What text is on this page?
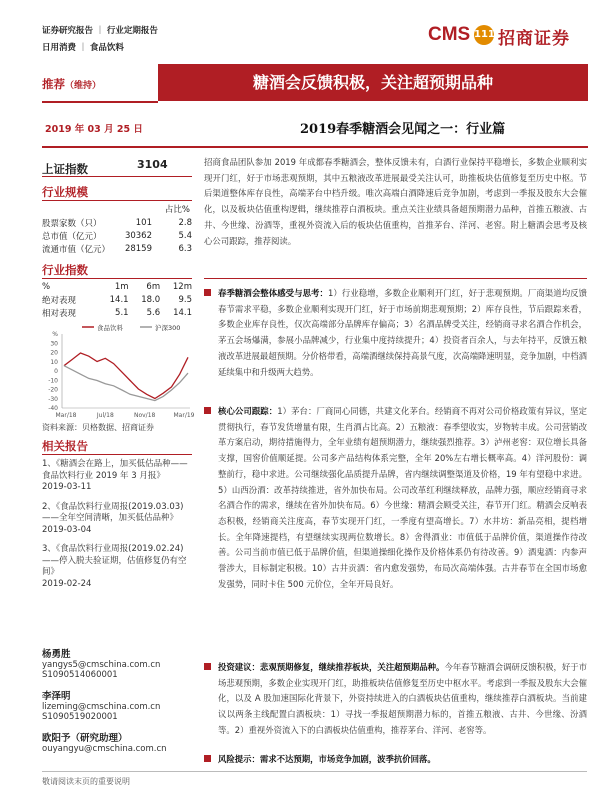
证券研究报告 ｜ 行业定期报告
日用消费 ｜ 食品饮料
CMS 111 招商证券
推荐（维持）	糖酒会反馈积极，关注超预期品种
2019 年 03 月 25 日	2019春季糖酒会见闻之一：行业篇
上证指数	3104
行业规模
占比%
股票家数（只）	101	2.8
总市值（亿元）	30362	5.4
流通市值（亿元）	28159	6.3
行业指数
%	1m	6m	12m
绝对表现	14.1	18.0	9.5
相对表现	5.1	5.6	14.1
%
30
20
10
0
-10
-20
-30
-40
Mar/18	Jul/18	Nov/18	Mar/19
食品饮料	沪深300
资料来源：贝格数据、招商证券
相关报告
1、《糖酒会在路上，加买低估品种——食品饮料行业 2019 年 3 月报》
2019-03-11
2、《食品饮料行业周报(2019.03.03)——全年空间清晰，加买低估品种》
2019-03-04
3、《食品饮料行业周报(2019.02.24)——停入脱夫验证期，估值修复仍有空间》
2019-02-24
杨勇胜
yangys5@cmschina.com.cn
S1090514060001
李泽明
lizeming@cmschina.com.cn
S1090519020001
欧阳予（研究助理）
ouyangyu@cmschina.com.cn
招商食品团队参加 2019 年成都春季糖酒会，整体反馈未有，白酒行业保持平稳增长，多数企业顺利实现开门红，好于市场悲观预期，其中五粮液改革进展最受关注认可，助推板块估值修复至历史中枢。节后渠道整体库存良性，高端茅台中档升级。唯次高端白酒降速后竞争加剧，考虑到一季报及股东大会催化，以及板块估值重构逻辑，继续推荐白酒板块。重点关注业绩具备超预期潜力品种，首推五粮液、古井、今世缘、汾酒等，重视外资流入后的板块估值重构，首推茅台、洋河、老窖。附上糖酒会思考及核心公司跟踪，推荐阅读。
春季糖酒会整体感受与思考：1）行业稳增，多数企业顺利开门红，好于悲观预期。厂商渠道均反馈春节需求平稳，多数企业顺利实现开门红，好于市场前期悲观预期；2）库存良性，节后跟踪来看，多数企业库存良性，仅次高端部分品牌库存偏高；3）名酒品牌受关注，经销商寻求名酒合作机会，茅五会场爆满，参展小品牌减少，行业集中度持续提升；4）投资者百余人，与去年持平，反馈五粮液改革进展最超预期。分价格带看，高端酒继续保持高景气度，次高端降速明显，竞争加剧，中档酒延续集中和升级两大趋势。
核心公司跟踪：1）茅台：厂商同心同德，共建文化茅台。经销商不再对公司价格政策有异议，坚定贯彻执行，春节发货增量有限，生肖酒占比高。2）五粮液：春季望收实，岁物转丰成。公司营销改革方案启动，期待措施得力，全年业绩有超预期潜力，继续强烈推荐。3）泸州老窖：双位增长具备支撑，国窖价值顺延提。公司多产品结构体系完整，全年 20%左右增长概率高。4）洋河股份：调整前行，稳中求进。公司继续强化品质提升品牌，省内继续调整渠道及价格，19 年有望稳中求进。5）山西汾酒：改革持续推进，省外加快布局。公司改革红利继续释放，品牌力强，顺应经销商寻求名酒合作的需求，继续在省外加快布局。6）今世缘：精酒会顾受关注，春节开门红。精酒会反响表态积极，经销商关注度高，春节实现开门红，一季度有望高增长。7）水井坊：新品亮相，提档增长。全年降速提档，有望继续实现两位数增长。8）舍得酒业：市值低于品牌价值，渠道操作待改善。公司当前市值已低于品牌价值，但渠道操细化操作及价格体系仍有待改善。9）酒鬼酒：内参声誉涉大，目标制定积极。10）古井贡酒：省内愈发强势，布局次高端体强。古井春节在全国市场愈发强势，同时卡住 500 元价位，全年开局良好。
投资建议：悲观预期修复，继续推荐板块，关注超预期品种。今年春节糖酒会调研反馈积极，好于市场悲观预期，多数企业实现开门红，助推板块估值修复至历史中枢水平。考虑到一季报及股东大会催化，以及 A 股加速国际化背景下，外资持续进入的白酒板块估值重构，继续推荐白酒板块。当前建议以两条主线配置白酒板块：1）寻找一季报超预期潜力标的，首推五粮液、古井、今世缘、汾酒等。2）重视外资流入下的白酒板块估值重构，推荐茅台、洋河、老窖等。
风险提示：需求不达预期，市场竞争加剧，波季抗价回落。
敬请阅读末页的重要说明
